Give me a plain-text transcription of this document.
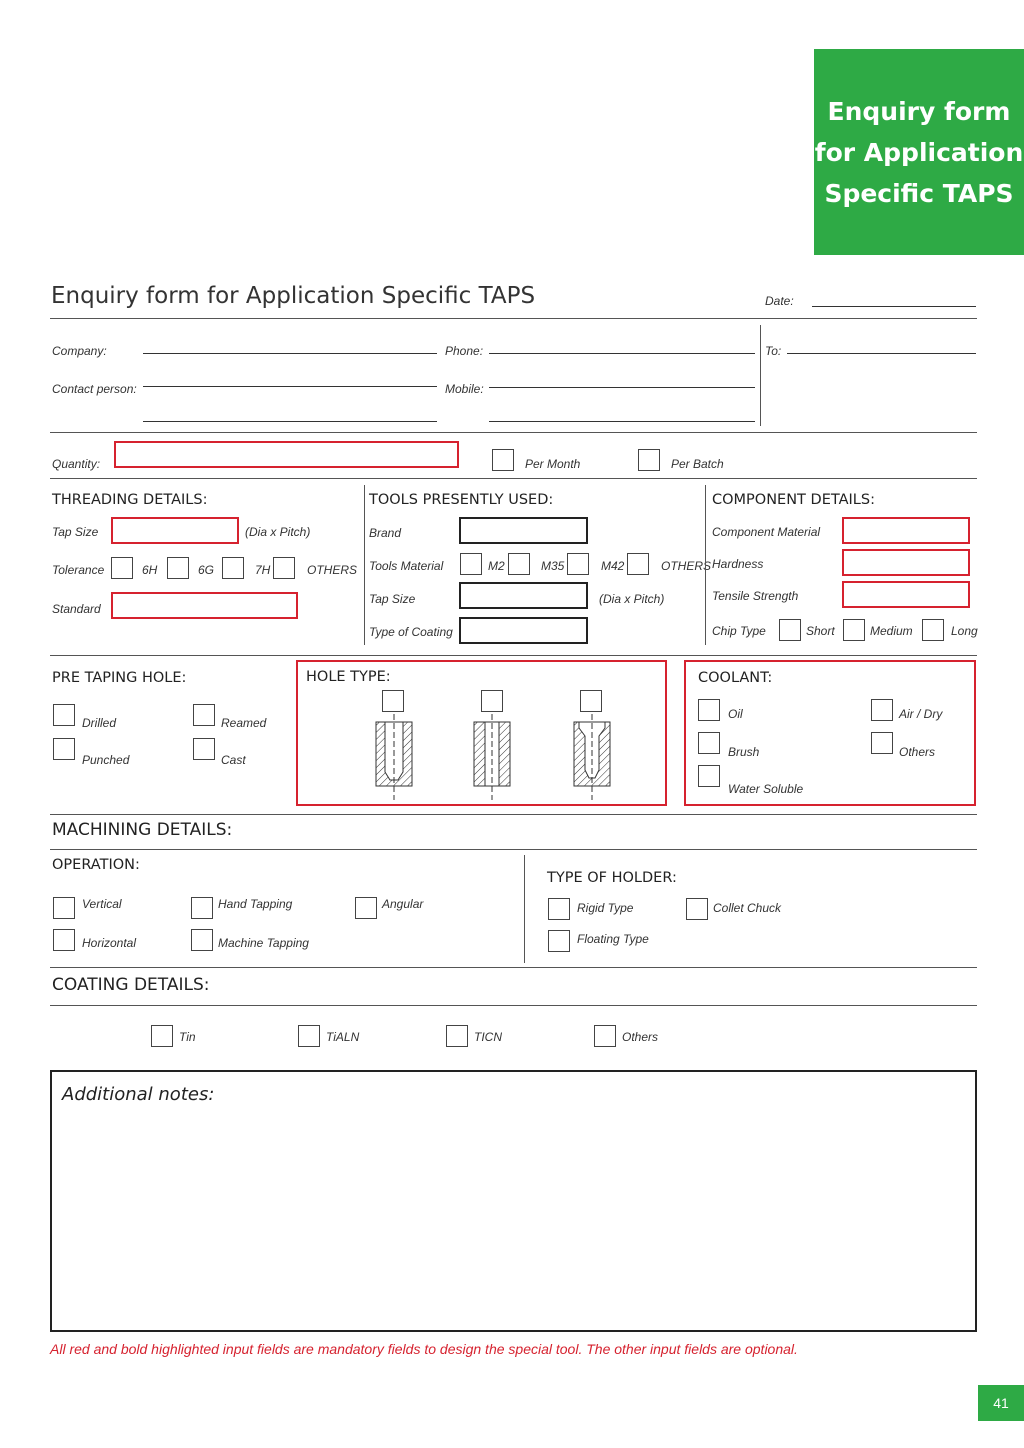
Enquiry form
for Application
Specific TAPS
Enquiry form for Application Specific TAPS	Date:
Company:	Phone:	To:
Contact person:	Mobile:
Quantity:	Per Month	Per Batch
THREADING DETAILS:
Tap Size	(Dia x Pitch)
Tolerance	6H	6G	7H	OTHERS
Standard
TOOLS PRESENTLY USED:
Brand
Tools Material	M2	M35	M42	OTHERS
Tap Size	(Dia x Pitch)
Type of Coating
COMPONENT DETAILS:
Component Material
Hardness
Tensile Strength
Chip Type	Short	Medium	Long
PRE TAPING HOLE:
Drilled	Reamed
Punched	Cast
HOLE TYPE:	COOLANT:
Oil	Air / Dry
Brush	Others
Water Soluble
MACHINING DETAILS:
OPERATION:
Vertical	Hand Tapping	Angular
Horizontal	Machine Tapping
TYPE OF HOLDER:
Rigid Type	Collet Chuck
Floating Type
COATING DETAILS:
Tin	TiALN	TICN	Others
Additional notes:
All red and bold highlighted input fields are mandatory fields to design the special tool. The other input fields are optional.
41
